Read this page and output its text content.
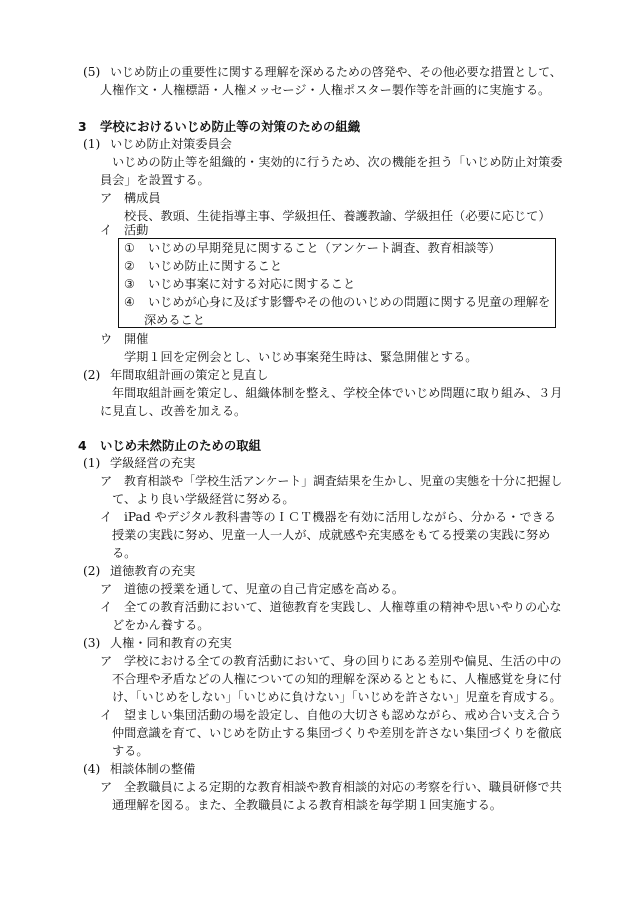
(5) いじめ防止の重要性に関する理解を深めるための啓発や、その他必要な措置として、
人権作文・人権標語・人権メッセージ・人権ポスター製作等を計画的に実施する。
3 学校におけるいじめ防止等の対策のための組織
(1) いじめ防止対策委員会
いじめの防止等を組織的・実効的に行うため、次の機能を担う「いじめ防止対策委
員会」を設置する。
ア 構成員
校長、教頭、生徒指導主事、学級担任、養護教諭、学級担任（必要に応じて）
イ 活動
① いじめの早期発見に関すること（アンケート調査、教育相談等）
② いじめ防止に関すること
③ いじめ事案に対する対応に関すること
④ いじめが心身に及ぼす影響やその他のいじめの問題に関する児童の理解を
深めること
ウ 開催
学期１回を定例会とし、いじめ事案発生時は、緊急開催とする。
(2) 年間取組計画の策定と見直し
年間取組計画を策定し、組織体制を整え、学校全体でいじめ問題に取り組み、３月
に見直し、改善を加える。
4 いじめ未然防止のための取組
(1) 学級経営の充実
ア 教育相談や「学校生活アンケート」調査結果を生かし、児童の実態を十分に把握し
て、より良い学級経営に努める。
イ iPad やデジタル教科書等のＩＣＴ機器を有効に活用しながら、分かる・できる
授業の実践に努め、児童一人一人が、成就感や充実感をもてる授業の実践に努め
る。
(2) 道徳教育の充実
ア 道徳の授業を通して、児童の自己肯定感を高める。
イ 全ての教育活動において、道徳教育を実践し、人権尊重の精神や思いやりの心な
どをかん養する。
(3) 人権・同和教育の充実
ア 学校における全ての教育活動において、身の回りにある差別や偏見、生活の中の
不合理や矛盾などの人権についての知的理解を深めるとともに、人権感覚を身に付
け、「いじめをしない」「いじめに負けない」「いじめを許さない」児童を育成する。
イ 望ましい集団活動の場を設定し、自他の大切さも認めながら、戒め合い支え合う
仲間意識を育て、いじめを防止する集団づくりや差別を許さない集団づくりを徹底
する。
(4) 相談体制の整備
ア 全教職員による定期的な教育相談や教育相談的対応の考察を行い、職員研修で共
通理解を図る。また、全教職員による教育相談を毎学期１回実施する。
